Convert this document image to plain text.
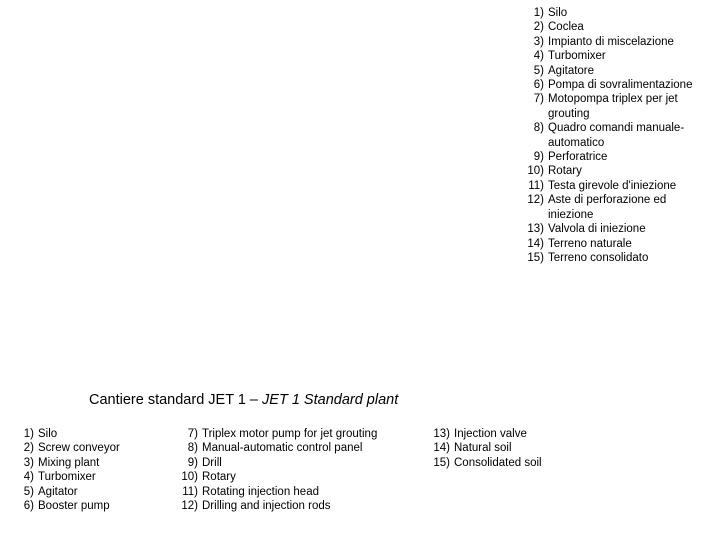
1) Silo
2) Coclea
3) Impianto di miscelazione
4) Turbomixer
5) Agitatore
6) Pompa di sovralimentazione
7) Motopompa triplex per jet grouting
8) Quadro comandi manuale-automatico
9) Perforatrice
10) Rotary
11) Testa girevole d'iniezione
12) Aste di perforazione ed iniezione
13) Valvola di iniezione
14) Terreno naturale
15) Terreno consolidato
Cantiere standard JET 1 – JET 1 Standard plant
1) Silo
2) Screw conveyor
3) Mixing plant
4) Turbomixer
5) Agitator
6) Booster pump
7) Triplex motor pump for jet grouting
8) Manual-automatic control panel
9) Drill
10) Rotary
11) Rotating injection head
12) Drilling and injection rods
13) Injection valve
14) Natural soil
15) Consolidated soil
